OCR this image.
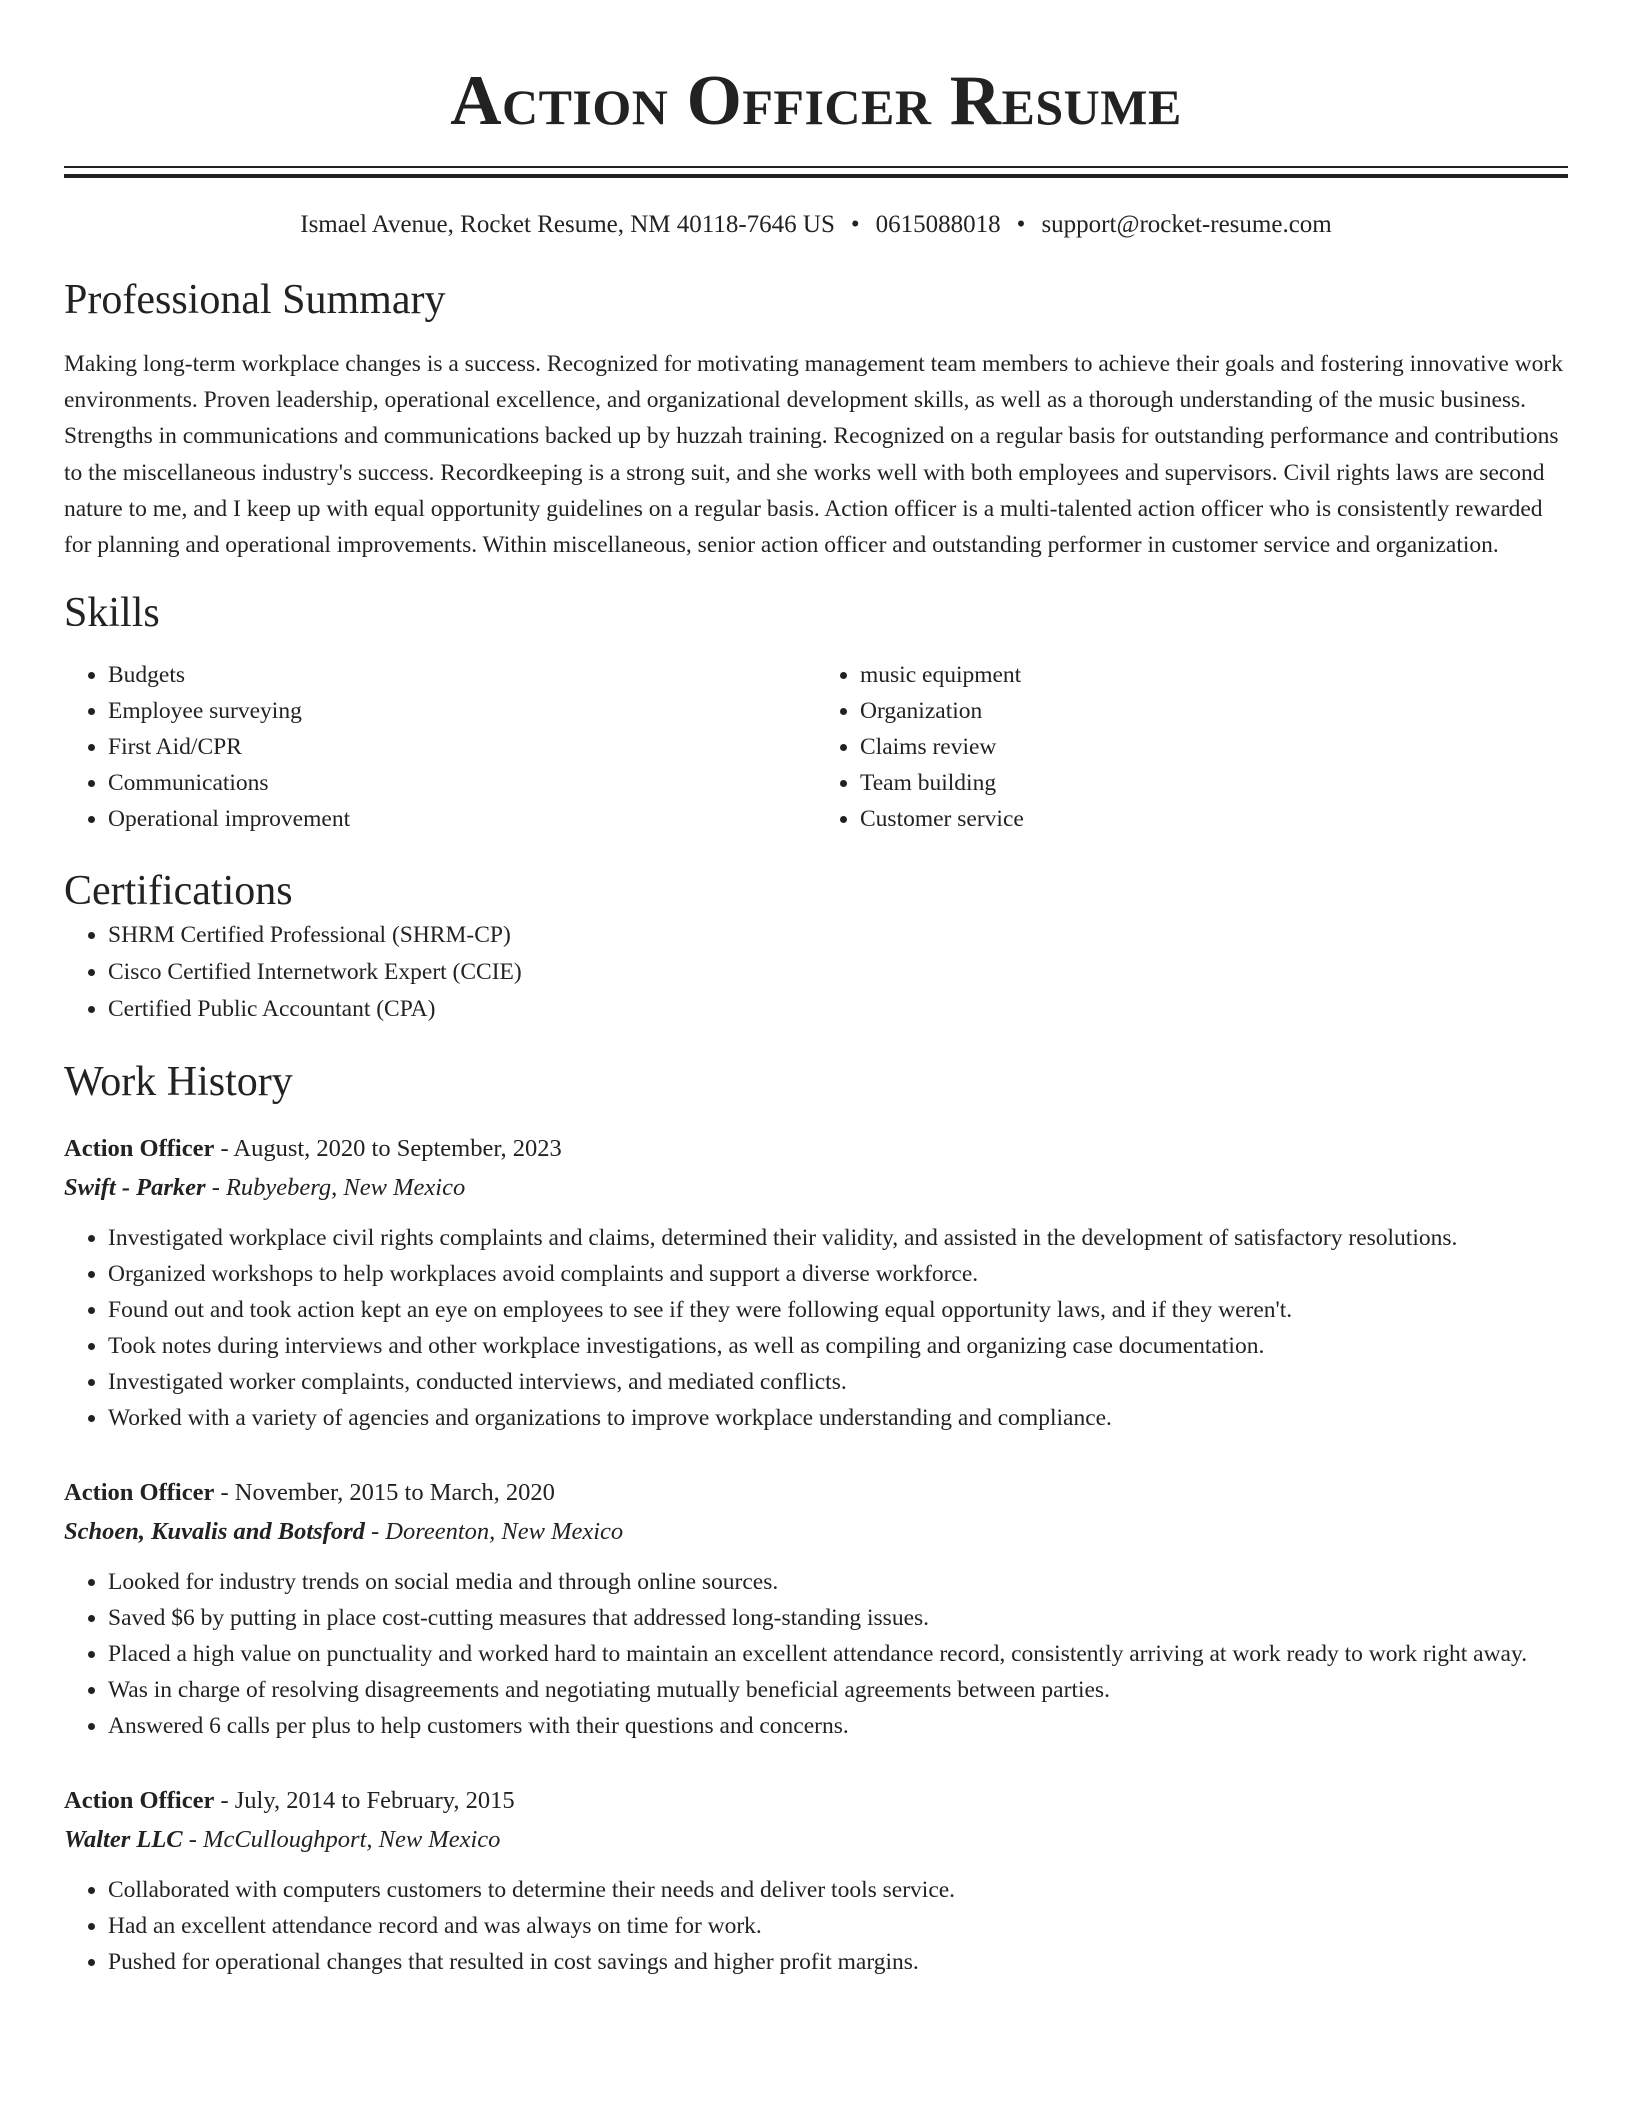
Action Officer Resume
Ismael Avenue, Rocket Resume, NM 40118-7646 US • 0615088018 • support@rocket-resume.com
Professional Summary

Making long-term workplace changes is a success. Recognized for motivating management team members to achieve their goals and fostering innovative work environments. Proven leadership, operational excellence, and organizational development skills, as well as a thorough understanding of the music business. Strengths in communications and communications backed up by huzzah training. Recognized on a regular basis for outstanding performance and contributions to the miscellaneous industry's success. Recordkeeping is a strong suit, and she works well with both employees and supervisors. Civil rights laws are second nature to me, and I keep up with equal opportunity guidelines on a regular basis. Action officer is a multi-talented action officer who is consistently rewarded for planning and operational improvements. Within miscellaneous, senior action officer and outstanding performer in customer service and organization.

Skills
• Budgets
• Employee surveying
• First Aid/CPR
• Communications
• Operational improvement
• music equipment
• Organization
• Claims review
• Team building
• Customer service
Certifications
• SHRM Certified Professional (SHRM-CP)
• Cisco Certified Internetwork Expert (CCIE)
• Certified Public Accountant (CPA)
Work History
Action Officer - August, 2020 to September, 2023
Swift - Parker - Rubyeberg, New Mexico
• Investigated workplace civil rights complaints and claims, determined their validity, and assisted in the development of satisfactory resolutions.
• Organized workshops to help workplaces avoid complaints and support a diverse workforce.
• Found out and took action kept an eye on employees to see if they were following equal opportunity laws, and if they weren't.
• Took notes during interviews and other workplace investigations, as well as compiling and organizing case documentation.
• Investigated worker complaints, conducted interviews, and mediated conflicts.
• Worked with a variety of agencies and organizations to improve workplace understanding and compliance.
Action Officer - November, 2015 to March, 2020
Schoen, Kuvalis and Botsford - Doreenton, New Mexico
• Looked for industry trends on social media and through online sources.
• Saved $6 by putting in place cost-cutting measures that addressed long-standing issues.
• Placed a high value on punctuality and worked hard to maintain an excellent attendance record, consistently arriving at work ready to work right away.
• Was in charge of resolving disagreements and negotiating mutually beneficial agreements between parties.
• Answered 6 calls per plus to help customers with their questions and concerns.
Action Officer - July, 2014 to February, 2015
Walter LLC - McCulloughport, New Mexico
• Collaborated with computers customers to determine their needs and deliver tools service.
• Had an excellent attendance record and was always on time for work.
• Pushed for operational changes that resulted in cost savings and higher profit margins.
